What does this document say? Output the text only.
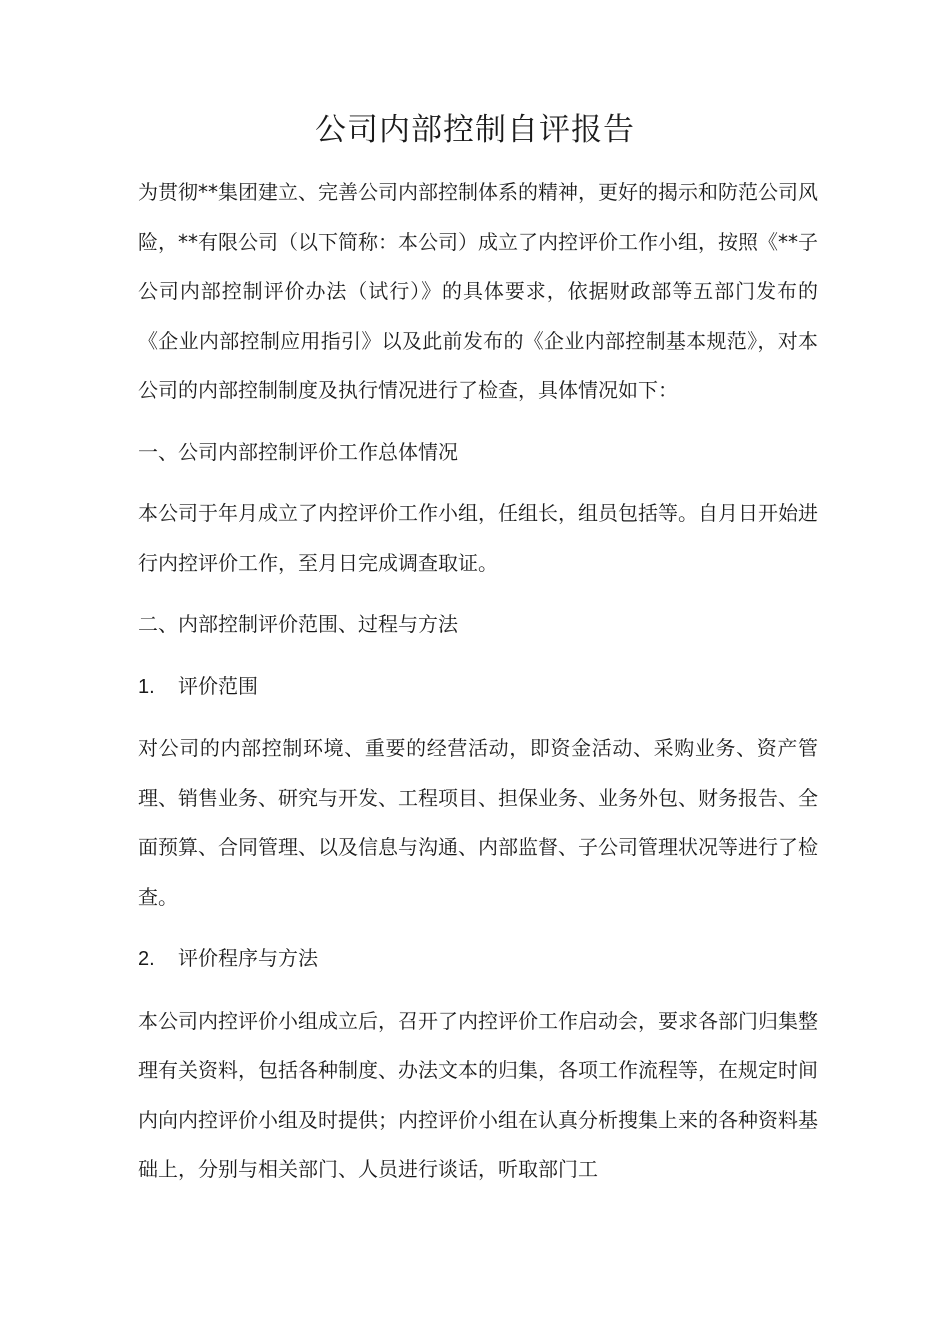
公司内部控制自评报告

为贯彻**集团建立、完善公司内部控制体系的精神，更好的揭示和防范公司风险，**有限公司（以下简称：本公司）成立了内控评价工作小组，按照《**子公司内部控制评价办法（试行）》的具体要求，依据财政部等五部门发布的《企业内部控制应用指引》以及此前发布的《企业内部控制基本规范》，对本公司的内部控制制度及执行情况进行了检查，具体情况如下：

一、公司内部控制评价工作总体情况

本公司于年月成立了内控评价工作小组，任组长，组员包括等。自月日开始进行内控评价工作，至月日完成调查取证。

二、内部控制评价范围、过程与方法

1. 评价范围

对公司的内部控制环境、重要的经营活动，即资金活动、采购业务、资产管理、销售业务、研究与开发、工程项目、担保业务、业务外包、财务报告、全面预算、合同管理、以及信息与沟通、内部监督、子公司管理状况等进行了检查。

2. 评价程序与方法

本公司内控评价小组成立后，召开了内控评价工作启动会，要求各部门归集整理有关资料，包括各种制度、办法文本的归集，各项工作流程等，在规定时间内向内控评价小组及时提供；内控评价小组在认真分析搜集上来的各种资料基础上，分别与相关部门、人员进行谈话，听取部门工
